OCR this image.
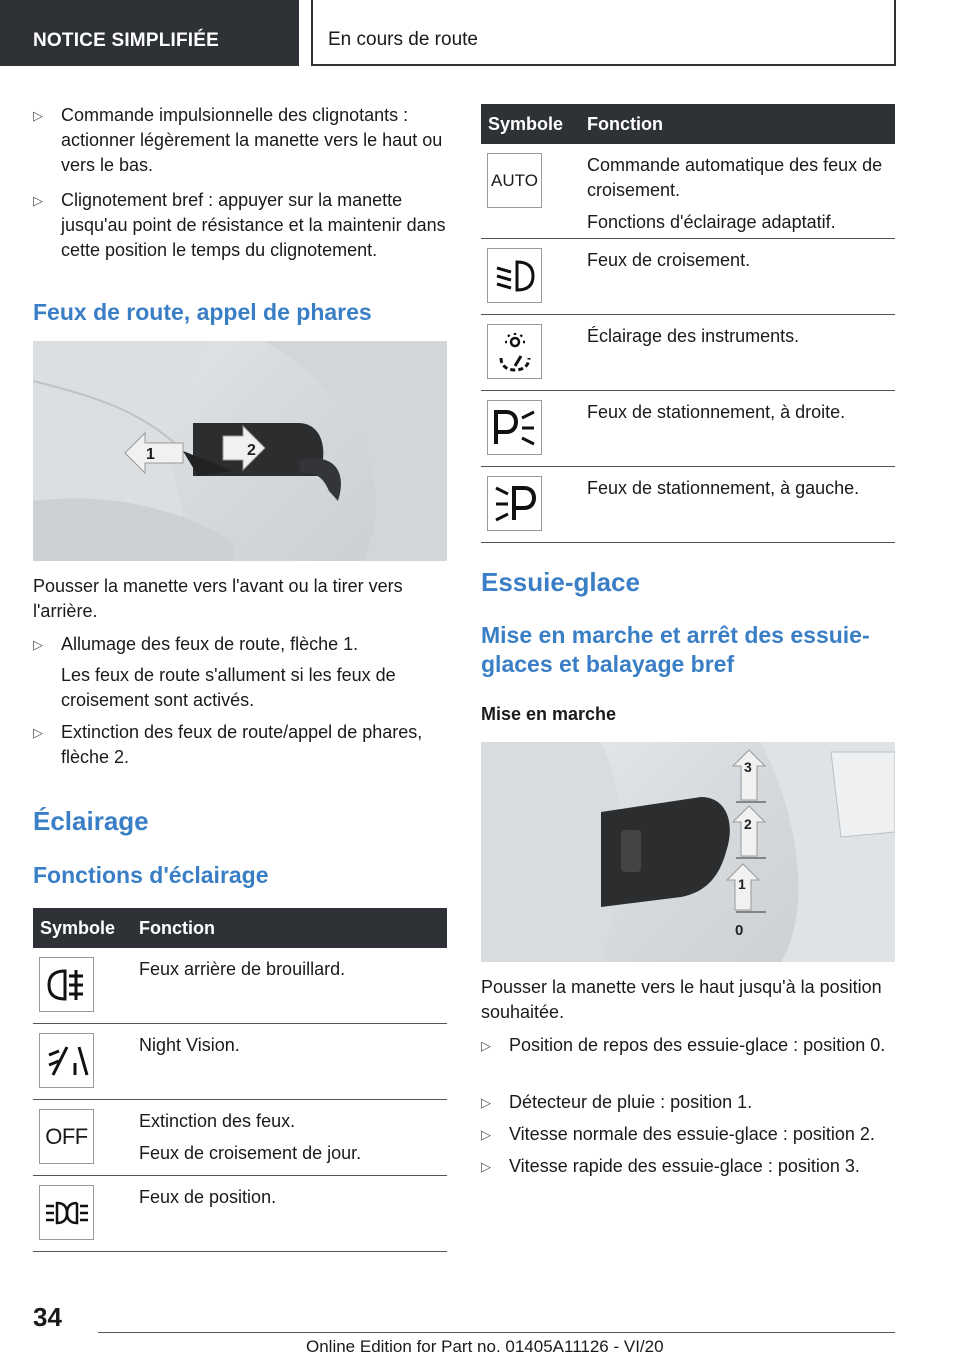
NOTICE SIMPLIFIÉE	En cours de route
▷ Commande impulsionnelle des clignotants : actionner légèrement la manette vers le haut ou vers le bas.
▷ Clignotement bref : appuyer sur la manette jusqu'au point de résistance et la maintenir dans cette position le temps du clignotement.
Feux de route, appel de phares
1	2
Pousser la manette vers l'avant ou la tirer vers l'arrière.
▷ Allumage des feux de route, flèche 1.
Les feux de route s'allument si les feux de croisement sont activés.
▷ Extinction des feux de route/appel de phares, flèche 2.
Éclairage
Fonctions d'éclairage
Symbole Fonction

Feux arrière de brouillard.

Night Vision.

OFF

Extinction des feux.

Feux de croisement de jour.

Feux de position.

Symbole Fonction
AUTO

Commande automatique des feux de croisement.

Fonctions d'éclairage adaptatif.

Feux de croisement.

Éclairage des instruments.

Feux de stationnement, à droite.

Feux de stationnement, à gauche.

Essuie-glace
Mise en marche et arrêt des essuie-glaces et balayage bref
Mise en marche
3
2
1
0
Pousser la manette vers le haut jusqu'à la position souhaitée.
▷ Position de repos des essuie-glace : position 0.
▷ Détecteur de pluie : position 1.
▷ Vitesse normale des essuie-glace : position 2.
▷ Vitesse rapide des essuie-glace : position 3.
34
Online Edition for Part no. 01405A11126 - VI/20
